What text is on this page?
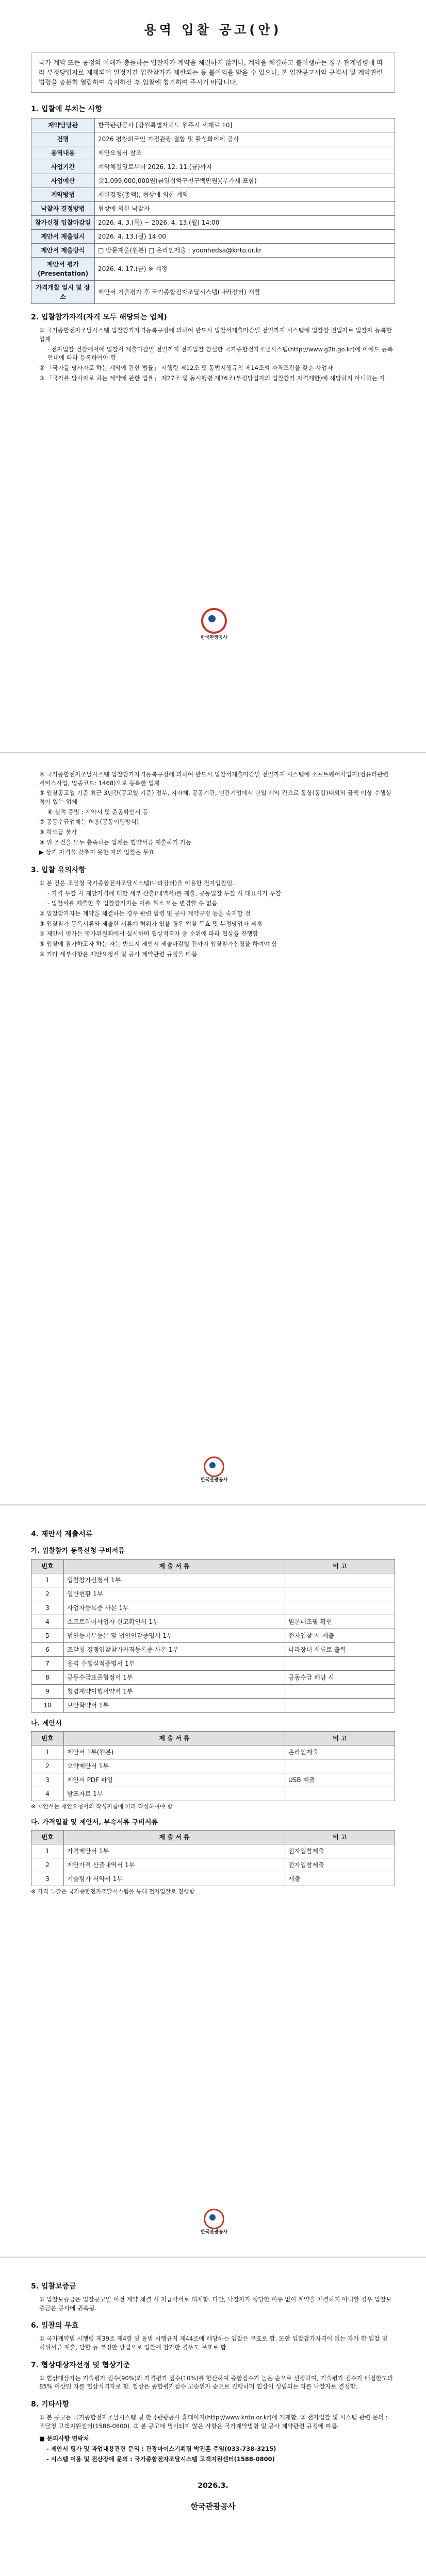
용역 입찰 공고(안)
국가 계약 또는 공정의 이해가 충돌하는 입찰자가 계약을 체결하지 않거나, 계약을 체결하고 불이행하는 경우 관계법령에 따라 부정당업자로 제재되어 일정기간 입찰참가가 제한되는 등 불이익을 받을 수 있으니, 본 입찰공고서와 규격서 및 계약관련법령을 충분히 열람하여 숙지하신 후 입찰에 참가하여 주시기 바랍니다.
1. 입찰에 부치는 사항
계약담당관	한국관광공사 [강원특별자치도 원주시 세계로 10]
건명	2026 평창외국인 가정관광 결합 및 활성화이이 공사
용역내용	제안요청서 참조
사업기간	계약체결일로부터 2026. 12. 11.(금)까지
사업예산	金1,099,000,000원(금일십억구천구백만원)(부가세 포함)
계약방법	제한경쟁(총액), 협상에 의한 계약
낙찰자 결정방법	협상에 의한 낙찰자
참가신청 입찰마감일	2026. 4. 3.(목) ~ 2026. 4. 13.(월) 14:00
제안서 제출일시	2026. 4. 13.(월) 14:00
제안서 제출방식	□ 방문제출(원본) □ 온라인제출 : yoonhedsa@knto.or.kr
제안서 평가 (Presentation)	2026. 4. 17.(금) ※ 예정
가격개찰 일시 및 장소	제안서 기술평가 후 국가종합전자조달시스템(나라장터) 개찰
2. 입찰참가자격(자격 모두 해당되는 업체)

① 국가종합전자조달시스템 입찰참가자격등록규정에 의하여 반드시 입찰서제출마감일 전일까지 시스템에 입찰참 전입자로 입찰자 등록한 업체

· 전자입찰 건참에서에 입찰서 제출마감일 전일까지 전자입찰 참설한 국가종합전자조달시스템(http://www.g2b.go.kr)에 이에드 등록 안내에 따라 등록하여야 함

② 「국가를 당사자로 하는 계약에 관한 법률」 시행령 제12조 및 동법시행규칙 제14조의 자격조건을 갖춘 사업자

③ 「국가를 당사자로 하는 계약에 관한 법률」 제27조 및 동시행령 제76조(부정당업자의 입찰참가 자격제한)에 해당하지 아니하는 자

한국관광공사

④ 국가종합전자조달시스템 입찰참가자격등록규정에 의하여 반드시 입찰서제출마감일 전일까지 시스템에 소프트웨어사업자(컴퓨터관련 서비스사업, 업종코드: 1468)으로 등록한 업체

⑤ 입찰공고일 기준 최근 3년간(공고일 기준) 정부, 지자체, 공공기관, 민간기업에서 단일 계약 건으로 통상(통합)대외의 금액 이상 수행실적이 있는 업체

⑥ 실적 증빙 : 계약서 및 준공확인서 등

⑦ 공동수급업체는 허용(공동이행방식)

⑧ 하도급 불가

⑨ 위 조건을 모두 충족하는 업체는 협약서류 제출하기 가능

▶ 상기 자격을 갖추지 못한 자의 입찰은 무효

3. 입찰 유의사항

① 본 건은 조달청 국가종합전자조달시스템(나라장터)을 이용한 전자입찰임.

- 가격 투찰 시 제안가격에 대한 세부 산출(내역서)를 제출, 공동입찰 투찰 시 대표사가 투찰

- 입찰서를 제출한 후 입찰참가자는 이를 취소 또는 변경할 수 없음

② 입찰참가자는 계약을 체결하는 경우 관련 법령 및 공사 계약규정 등을 숙지할 것

③ 입찰참가 등록서류와 제출한 서류에 허위가 있을 경우 입찰 무효 및 부정당업자 제재

④ 제안서 평가는 평가위원회에서 실시하며 협상적격자 중 순위에 따라 협상을 진행함

⑤ 입찰에 참가하고자 하는 자는 반드시 제안서 제출마감일 전까지 입찰참가신청을 하여야 함

⑥ 기타 세부사항은 제안요청서 및 공사 계약관련 규정을 따름

한국관광공사
4. 제안서 제출서류
가. 입찰참가 등록신청 구비서류
번호	제 출 서 류	비 고
1	입찰참가신청서 1부	
2	일반현황 1부	
3	사업자등록증 사본 1부	
4	소프트웨어사업자 신고확인서 1부	원본대조필 확인
5	법인등기부등본 및 법인인감증명서 1부	전자입찰 시 제출
6	조달청 경쟁입찰참가자격등록증 사본 1부	나라장터 서류로 출력
7	용역 수행실적증명서 1부	
8	공동수급표준협정서 1부	공동수급 해당 시
9	청렴계약이행서약서 1부	
10	보안확약서 1부	
나. 제안서
번호	제 출 서 류	비 고
1	제안서 1부(원본)	온라인제출
2	요약제안서 1부	
3	제안서 PDF 파일	USB 제출
4	발표자료 1부	

※ 제안서는 제안요청서의 작성지침에 따라 작성하여야 함

다. 가격입찰 및 제안서, 부속서류 구비서류
번호	제 출 서 류	비 고
1	가격제안서 1부	전자입찰제출
2	제안가격 산출내역서 1부	전자입찰제출
3	기술평가 서약서 1부	제출

※ 가격 투찰은 국가종합전자조달시스템을 통해 전자입찰로 진행함

한국관광공사
5. 입찰보증금

① 입찰보증금은 입찰공고일 이전 계약 체결 시 지급각서로 대체함. 다만, 낙찰자가 정당한 이유 없이 계약을 체결하지 아니할 경우 입찰보증금은 공사에 귀속됨.

6. 입찰의 무효

① 국가계약법 시행령 제39조 제4항 및 동법 시행규칙 제44조에 해당하는 입찰은 무효로 함. 또한 입찰참가자격이 없는 자가 한 입찰 및 허위서류 제출, 담합 등 부정한 방법으로 입찰에 참가한 경우도 무효로 함.

7. 협상대상자선정 및 협상기준

① 협상대상자는 기술평가 점수(90%)와 가격평가 점수(10%)를 합산하여 종합점수가 높은 순으로 선정하며, 기술평가 점수가 배점한도의 85% 이상인 자를 협상적격자로 함. 협상은 종합평가점수 고순위자 순으로 진행하며 협상이 성립되는 자를 낙찰자로 결정함.

8. 기타사항

① 본 공고는 국가종합전자조달시스템 및 한국관광공사 홈페이지(http://www.knto.or.kr)에 게재함. ② 전자입찰 및 시스템 관련 문의 : 조달청 고객지원센터(1588-0800). ③ 본 공고에 명시되지 않은 사항은 국가계약법령 및 공사 계약관련 규정에 따름.

■ 문의사항 연락처

- 제안서 평가 및 과업내용관련 문의 : 관광마이스기획팀 박진훈 주임(033-738-3215)

- 시스템 이용 및 전산장애 문의 : 국가종합전자조달시스템 고객지원센터(1588-0800)

2026.3.
한국관광공사
